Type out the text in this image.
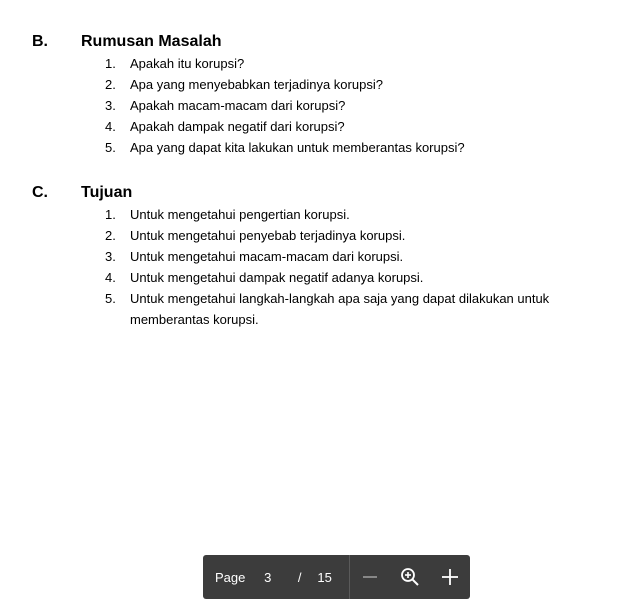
B.	Rumusan Masalah
1.	Apakah itu korupsi?
2.	Apa yang menyebabkan terjadinya korupsi?
3.	Apakah macam-macam dari korupsi?
4.	Apakah dampak negatif dari korupsi?
5.	Apa yang dapat kita lakukan untuk memberantas korupsi?
C.	Tujuan
1.	Untuk mengetahui pengertian korupsi.
2.	Untuk mengetahui penyebab terjadinya korupsi.
3.	Untuk mengetahui macam-macam dari korupsi.
4.	Untuk mengetahui dampak negatif adanya korupsi.
5.	Untuk mengetahui langkah-langkah apa saja yang dapat dilakukan untuk memberantas korupsi.
Page	3	/	15
